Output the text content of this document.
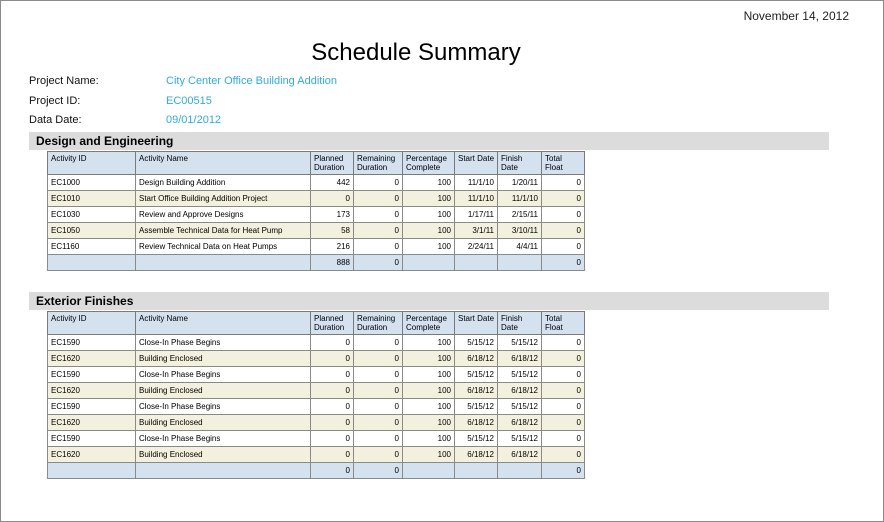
November 14, 2012
Schedule Summary
Project Name:	City Center Office Building Addition
Project ID:	EC00515
Data Date:	09/01/2012
Design and Engineering
Activity ID	Activity Name	Planned Duration	Remaining Duration	Percentage Complete	Start Date	Finish Date	Total Float
EC1000	Design Building Addition	442	0	100	11/1/10	1/20/11	0
EC1010	Start Office Building Addition Project	0	0	100	11/1/10	11/1/10	0
EC1030	Review and Approve Designs	173	0	100	1/17/11	2/15/11	0
EC1050	Assemble Technical Data for Heat Pump	58	0	100	3/1/11	3/10/11	0
EC1160	Review Technical Data on Heat Pumps	216	0	100	2/24/11	4/4/11	0
		888	0				0
Exterior Finishes
Activity ID	Activity Name	Planned Duration	Remaining Duration	Percentage Complete	Start Date	Finish Date	Total Float
EC1590	Close-In Phase Begins	0	0	100	5/15/12	5/15/12	0
EC1620	Building Enclosed	0	0	100	6/18/12	6/18/12	0
EC1590	Close-In Phase Begins	0	0	100	5/15/12	5/15/12	0
EC1620	Building Enclosed	0	0	100	6/18/12	6/18/12	0
EC1590	Close-In Phase Begins	0	0	100	5/15/12	5/15/12	0
EC1620	Building Enclosed	0	0	100	6/18/12	6/18/12	0
EC1590	Close-In Phase Begins	0	0	100	5/15/12	5/15/12	0
EC1620	Building Enclosed	0	0	100	6/18/12	6/18/12	0
		0	0				0
